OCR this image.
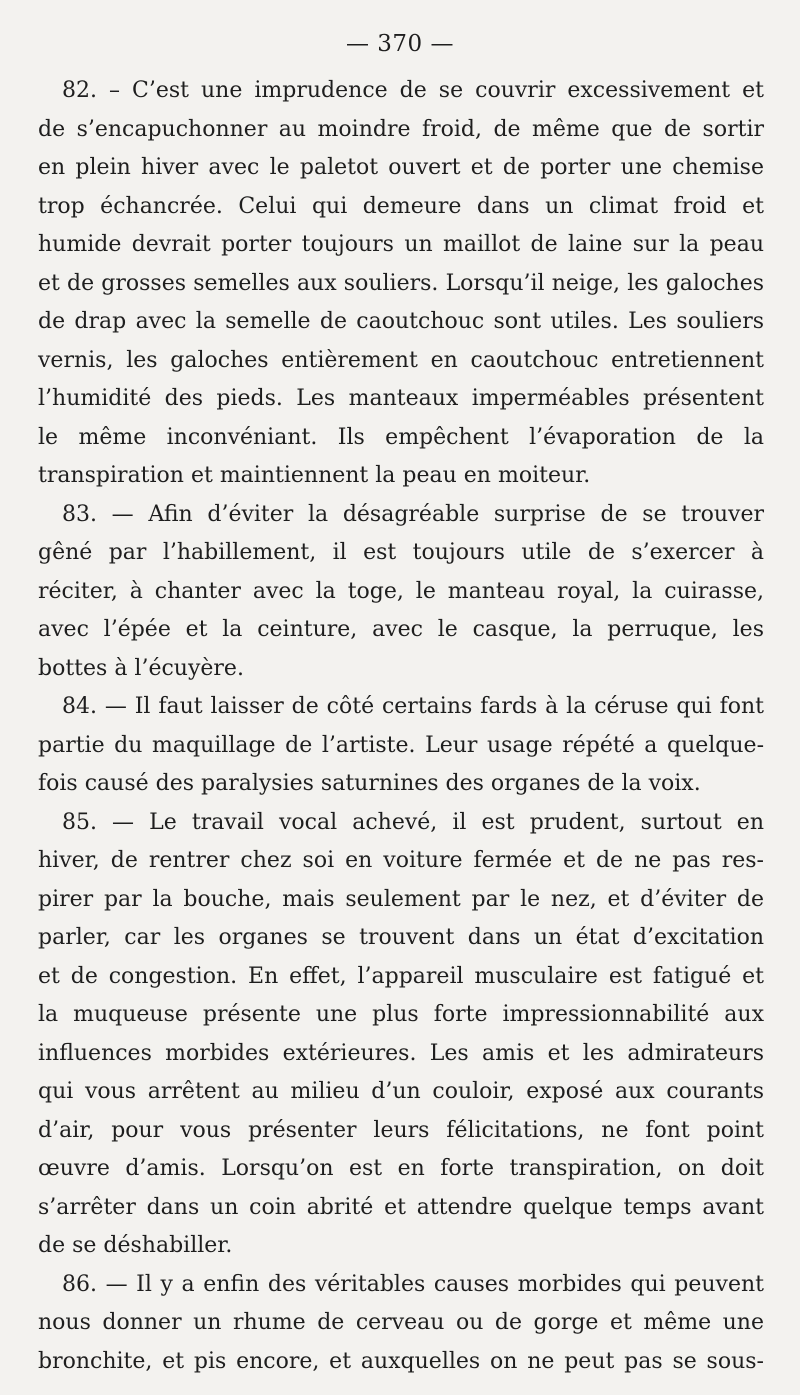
— 370 —
82. – C’est une imprudence de se couvrir excessivement et
de s’encapuchonner au moindre froid, de même que de sortir
en plein hiver avec le paletot ouvert et de porter une chemise
trop échancrée. Celui qui demeure dans un climat froid et
humide devrait porter toujours un maillot de laine sur la peau
et de grosses semelles aux souliers. Lorsqu’il neige, les galoches
de drap avec la semelle de caoutchouc sont utiles. Les souliers
vernis, les galoches entièrement en caoutchouc entretiennent
l’humidité des pieds. Les manteaux imperméables présentent
le même inconvéniant. Ils empêchent l’évaporation de la
transpiration et maintiennent la peau en moiteur.
83. — Afin d’éviter la désagréable surprise de se trouver
gêné par l’habillement, il est toujours utile de s’exercer à
réciter, à chanter avec la toge, le manteau royal, la cuirasse,
avec l’épée et la ceinture, avec le casque, la perruque, les
bottes à l’écuyère.
84. — Il faut laisser de côté certains fards à la céruse qui font
partie du maquillage de l’artiste. Leur usage répété a quelque-
fois causé des paralysies saturnines des organes de la voix.
85. — Le travail vocal achevé, il est prudent, surtout en
hiver, de rentrer chez soi en voiture fermée et de ne pas res-
pirer par la bouche, mais seulement par le nez, et d’éviter de
parler, car les organes se trouvent dans un état d’excitation
et de congestion. En effet, l’appareil musculaire est fatigué et
la muqueuse présente une plus forte impressionnabilité aux
influences morbides extérieures. Les amis et les admirateurs
qui vous arrêtent au milieu d’un couloir, exposé aux courants
d’air, pour vous présenter leurs félicitations, ne font point
œuvre d’amis. Lorsqu’on est en forte transpiration, on doit
s’arrêter dans un coin abrité et attendre quelque temps avant
de se déshabiller.
86. — Il y a enfin des véritables causes morbides qui peuvent
nous donner un rhume de cerveau ou de gorge et même une
bronchite, et pis encore, et auxquelles on ne peut pas se sous-
